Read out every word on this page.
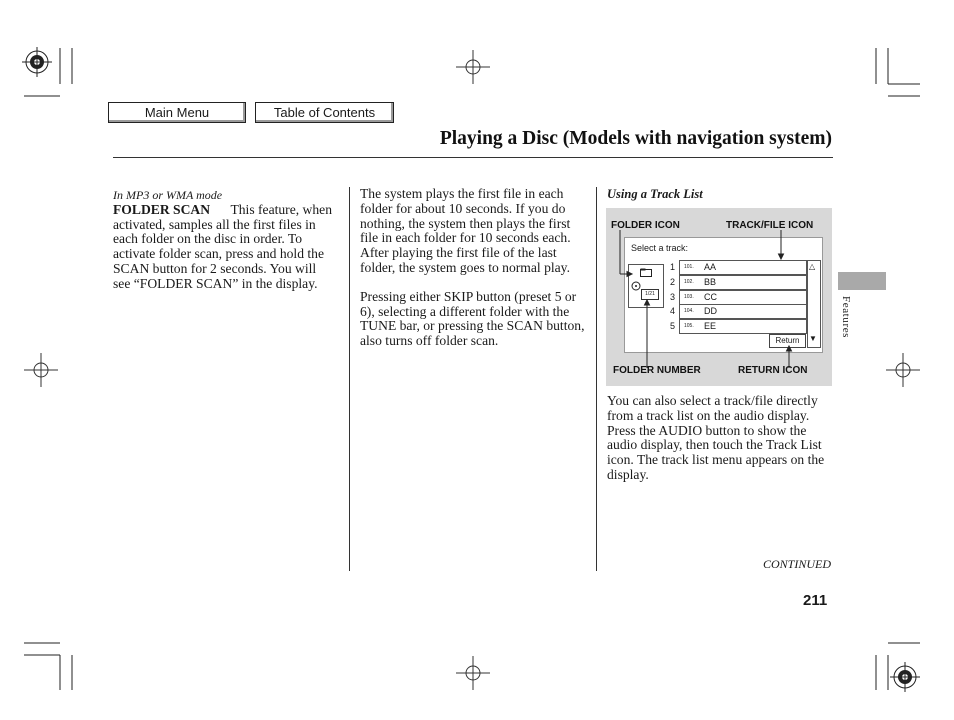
Main Menu	Table of Contents
Playing a Disc (Models with navigation system)

In MP3 or WMA mode

FOLDER SCAN This feature, when activated, samples all the first files in each folder on the disc in order. To activate folder scan, press and hold the SCAN button for 2 seconds. You will see “FOLDER SCAN” in the display.

The system plays the first file in each folder for about 10 seconds. If you do nothing, the system then plays the first file in each folder for 10 seconds each. After playing the first file of the last folder, the system goes to normal play.

Pressing either SKIP button (preset 5 or 6), selecting a different folder with the TUNE bar, or pressing the SCAN button, also turns off folder scan.

Using a Track List

FOLDER ICON	TRACK/FILE ICON
Select a track:
1/21
1 101. AA
2 102. BB
3 103. CC
4 104. DD
5 105. EE
△
▼
Return
FOLDER NUMBER	RETURN ICON

You can also select a track/file directly from a track list on the audio display. Press the AUDIO button to show the audio display, then touch the Track List icon. The track list menu appears on the display.

Features
CONTINUED
211
